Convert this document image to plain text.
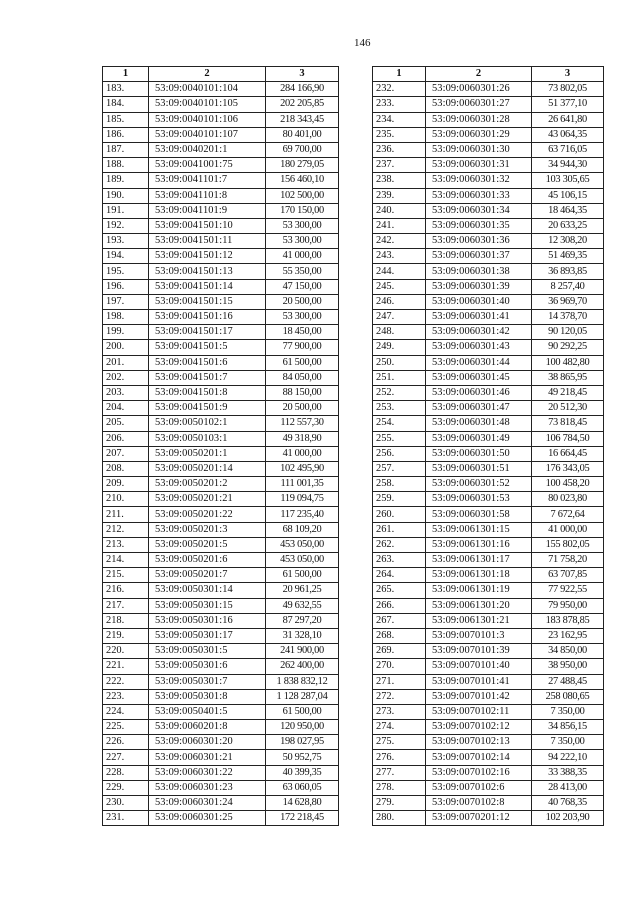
146
1	2	3
183.	53:09:0040101:104	284 166,90
184.	53:09:0040101:105	202 205,85
185.	53:09:0040101:106	218 343,45
186.	53:09:0040101:107	80 401,00
187.	53:09:0040201:1	69 700,00
188.	53:09:0041001:75	180 279,05
189.	53:09:0041101:7	156 460,10
190.	53:09:0041101:8	102 500,00
191.	53:09:0041101:9	170 150,00
192.	53:09:0041501:10	53 300,00
193.	53:09:0041501:11	53 300,00
194.	53:09:0041501:12	41 000,00
195.	53:09:0041501:13	55 350,00
196.	53:09:0041501:14	47 150,00
197.	53:09:0041501:15	20 500,00
198.	53:09:0041501:16	53 300,00
199.	53:09:0041501:17	18 450,00
200.	53:09:0041501:5	77 900,00
201.	53:09:0041501:6	61 500,00
202.	53:09:0041501:7	84 050,00
203.	53:09:0041501:8	88 150,00
204.	53:09:0041501:9	20 500,00
205.	53:09:0050102:1	112 557,30
206.	53:09:0050103:1	49 318,90
207.	53:09:0050201:1	41 000,00
208.	53:09:0050201:14	102 495,90
209.	53:09:0050201:2	111 001,35
210.	53:09:0050201:21	119 094,75
211.	53:09:0050201:22	117 235,40
212.	53:09:0050201:3	68 109,20
213.	53:09:0050201:5	453 050,00
214.	53:09:0050201:6	453 050,00
215.	53:09:0050201:7	61 500,00
216.	53:09:0050301:14	20 961,25
217.	53:09:0050301:15	49 632,55
218.	53:09:0050301:16	87 297,20
219.	53:09:0050301:17	31 328,10
220.	53:09:0050301:5	241 900,00
221.	53:09:0050301:6	262 400,00
222.	53:09:0050301:7	1 838 832,12
223.	53:09:0050301:8	1 128 287,04
224.	53:09:0050401:5	61 500,00
225.	53:09:0060201:8	120 950,00
226.	53:09:0060301:20	198 027,95
227.	53:09:0060301:21	50 952,75
228.	53:09:0060301:22	40 399,35
229.	53:09:0060301:23	63 060,05
230.	53:09:0060301:24	14 628,80
231.	53:09:0060301:25	172 218,45
1	2	3
232.	53:09:0060301:26	73 802,05
233.	53:09:0060301:27	51 377,10
234.	53:09:0060301:28	26 641,80
235.	53:09:0060301:29	43 064,35
236.	53:09:0060301:30	63 716,05
237.	53:09:0060301:31	34 944,30
238.	53:09:0060301:32	103 305,65
239.	53:09:0060301:33	45 106,15
240.	53:09:0060301:34	18 464,35
241.	53:09:0060301:35	20 633,25
242.	53:09:0060301:36	12 308,20
243.	53:09:0060301:37	51 469,35
244.	53:09:0060301:38	36 893,85
245.	53:09:0060301:39	8 257,40
246.	53:09:0060301:40	36 969,70
247.	53:09:0060301:41	14 378,70
248.	53:09:0060301:42	90 120,05
249.	53:09:0060301:43	90 292,25
250.	53:09:0060301:44	100 482,80
251.	53:09:0060301:45	38 865,95
252.	53:09:0060301:46	49 218,45
253.	53:09:0060301:47	20 512,30
254.	53:09:0060301:48	73 818,45
255.	53:09:0060301:49	106 784,50
256.	53:09:0060301:50	16 664,45
257.	53:09:0060301:51	176 343,05
258.	53:09:0060301:52	100 458,20
259.	53:09:0060301:53	80 023,80
260.	53:09:0060301:58	7 672,64
261.	53:09:0061301:15	41 000,00
262.	53:09:0061301:16	155 802,05
263.	53:09:0061301:17	71 758,20
264.	53:09:0061301:18	63 707,85
265.	53:09:0061301:19	77 922,55
266.	53:09:0061301:20	79 950,00
267.	53:09:0061301:21	183 878,85
268.	53:09:0070101:3	23 162,95
269.	53:09:0070101:39	34 850,00
270.	53:09:0070101:40	38 950,00
271.	53:09:0070101:41	27 488,45
272.	53:09:0070101:42	258 080,65
273.	53:09:0070102:11	7 350,00
274.	53:09:0070102:12	34 856,15
275.	53:09:0070102:13	7 350,00
276.	53:09:0070102:14	94 222,10
277.	53:09:0070102:16	33 388,35
278.	53:09:0070102:6	28 413,00
279.	53:09:0070102:8	40 768,35
280.	53:09:0070201:12	102 203,90
